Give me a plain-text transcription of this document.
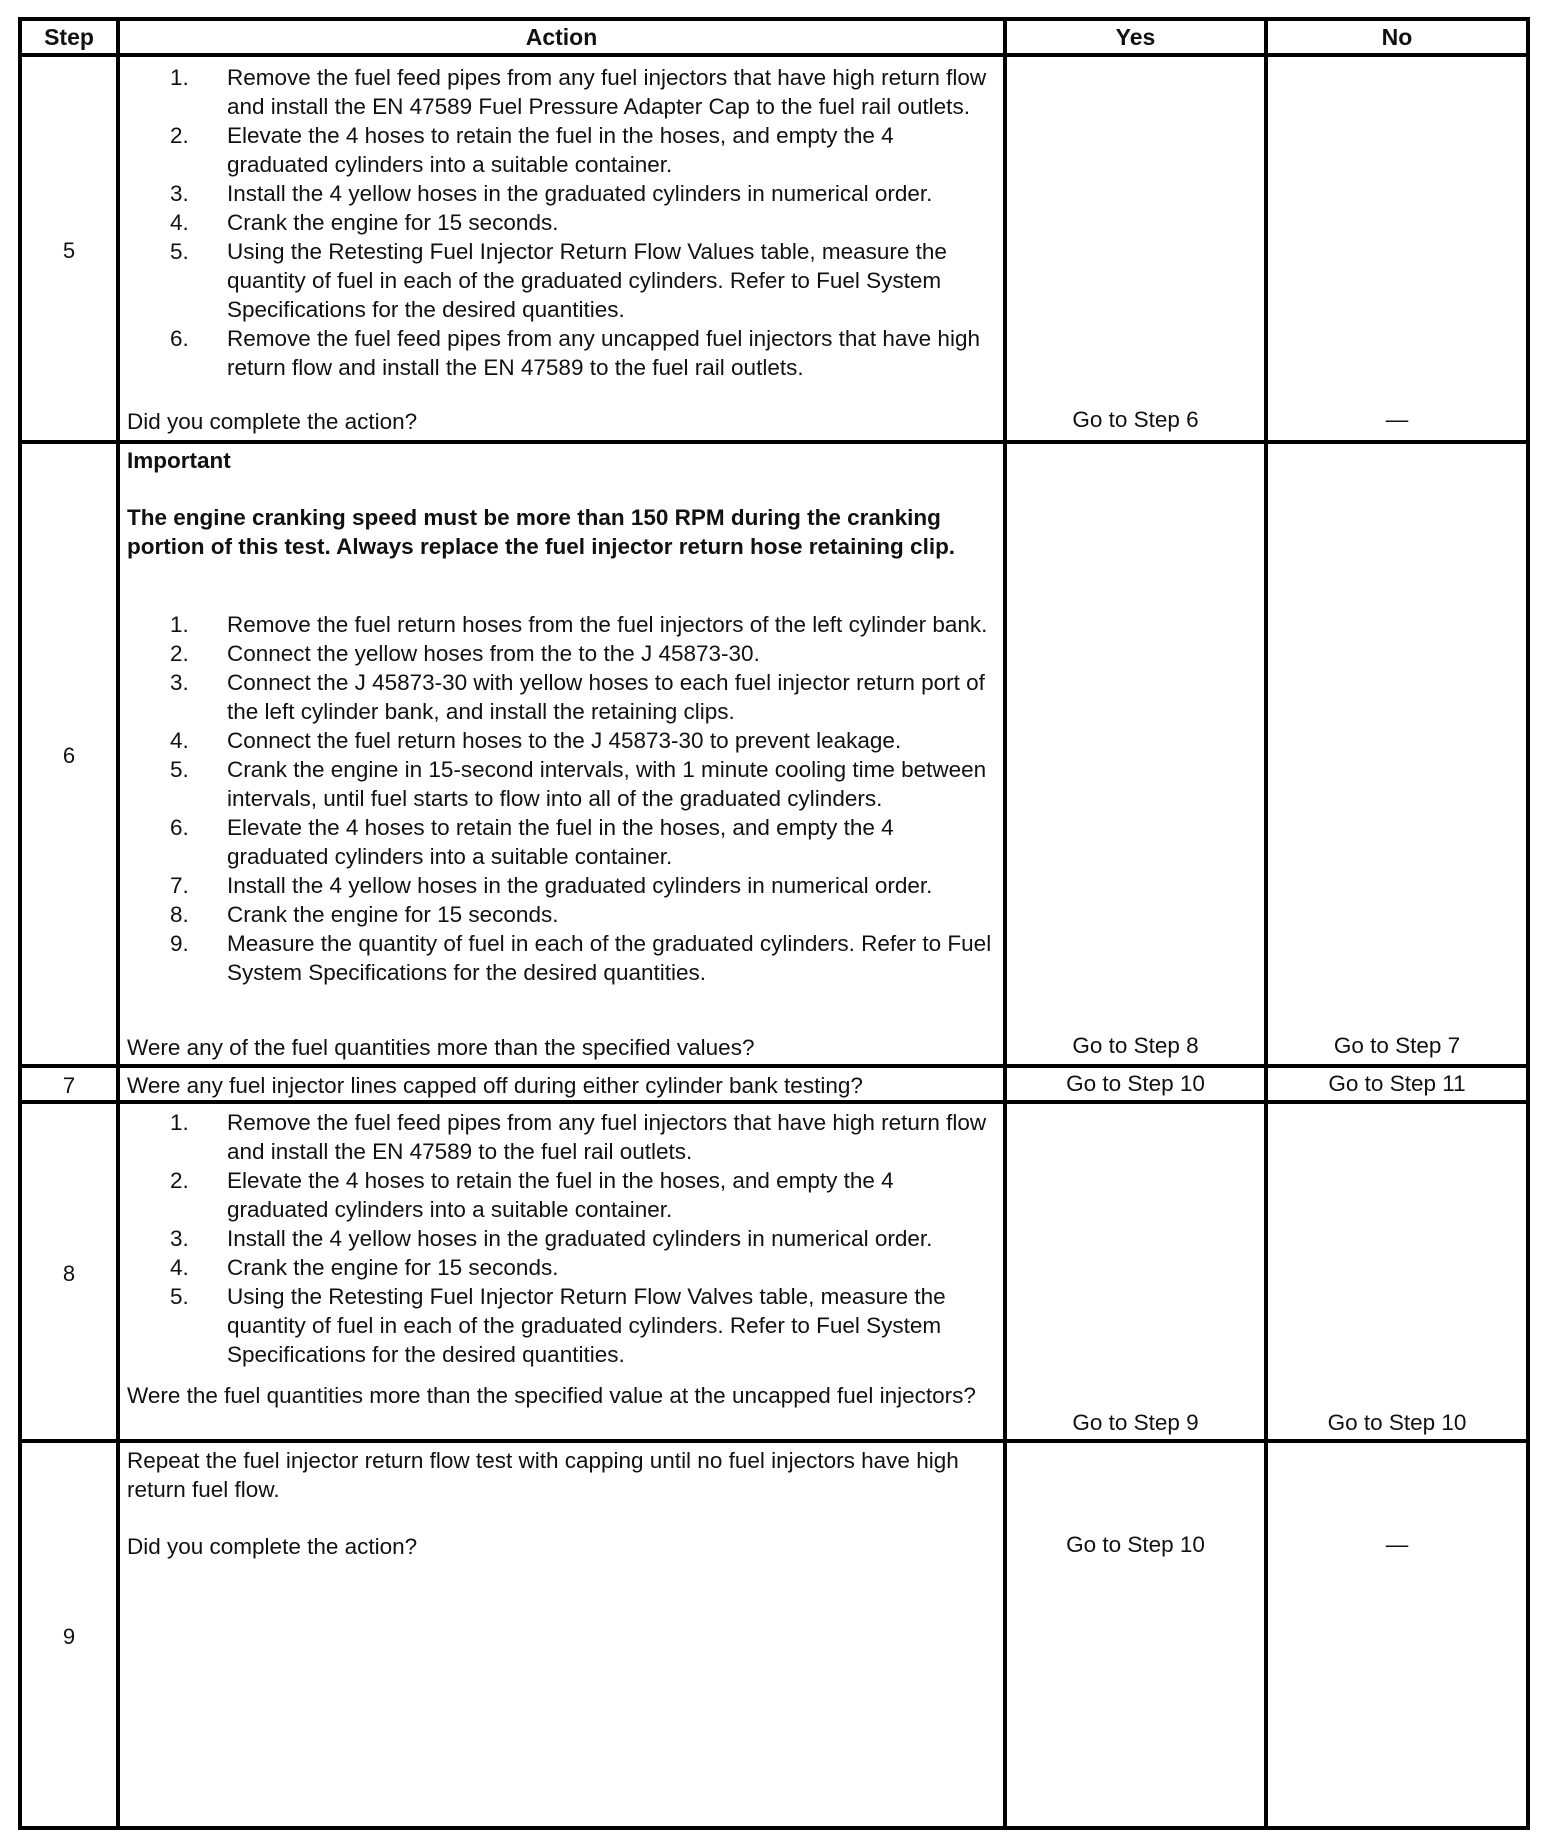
Step	Action	Yes	No
5
1.	Remove the fuel feed pipes from any fuel injectors that have high return flow and install the EN 47589 Fuel Pressure Adapter Cap to the fuel rail outlets.
2.	Elevate the 4 hoses to retain the fuel in the hoses, and empty the 4 graduated cylinders into a suitable container.
3.	Install the 4 yellow hoses in the graduated cylinders in numerical order.
4.	Crank the engine for 15 seconds.
5.	Using the Retesting Fuel Injector Return Flow Values table, measure the quantity of fuel in each of the graduated cylinders. Refer to Fuel System Specifications for the desired quantities.
6.	Remove the fuel feed pipes from any uncapped fuel injectors that have high return flow and install the EN 47589 to the fuel rail outlets.
Did you complete the action?	Go to Step 6	—
6
Important
The engine cranking speed must be more than 150 RPM during the cranking portion of this test. Always replace the fuel injector return hose retaining clip.
1.	Remove the fuel return hoses from the fuel injectors of the left cylinder bank.
2.	Connect the yellow hoses from the to the J 45873-30.
3.	Connect the J 45873-30 with yellow hoses to each fuel injector return port of the left cylinder bank, and install the retaining clips.
4.	Connect the fuel return hoses to the J 45873-30 to prevent leakage.
5.	Crank the engine in 15-second intervals, with 1 minute cooling time between intervals, until fuel starts to flow into all of the graduated cylinders.
6.	Elevate the 4 hoses to retain the fuel in the hoses, and empty the 4 graduated cylinders into a suitable container.
7.	Install the 4 yellow hoses in the graduated cylinders in numerical order.
8.	Crank the engine for 15 seconds.
9.	Measure the quantity of fuel in each of the graduated cylinders. Refer to Fuel System Specifications for the desired quantities.
Were any of the fuel quantities more than the specified values?	Go to Step 8	Go to Step 7
7	Were any fuel injector lines capped off during either cylinder bank testing?	Go to Step 10	Go to Step 11
8
1.	Remove the fuel feed pipes from any fuel injectors that have high return flow and install the EN 47589 to the fuel rail outlets.
2.	Elevate the 4 hoses to retain the fuel in the hoses, and empty the 4 graduated cylinders into a suitable container.
3.	Install the 4 yellow hoses in the graduated cylinders in numerical order.
4.	Crank the engine for 15 seconds.
5.	Using the Retesting Fuel Injector Return Flow Valves table, measure the quantity of fuel in each of the graduated cylinders. Refer to Fuel System Specifications for the desired quantities.
Were the fuel quantities more than the specified value at the uncapped fuel injectors?
Go to Step 9	Go to Step 10
9
Repeat the fuel injector return flow test with capping until no fuel injectors have high return fuel flow.
Did you complete the action?	Go to Step 10	—
